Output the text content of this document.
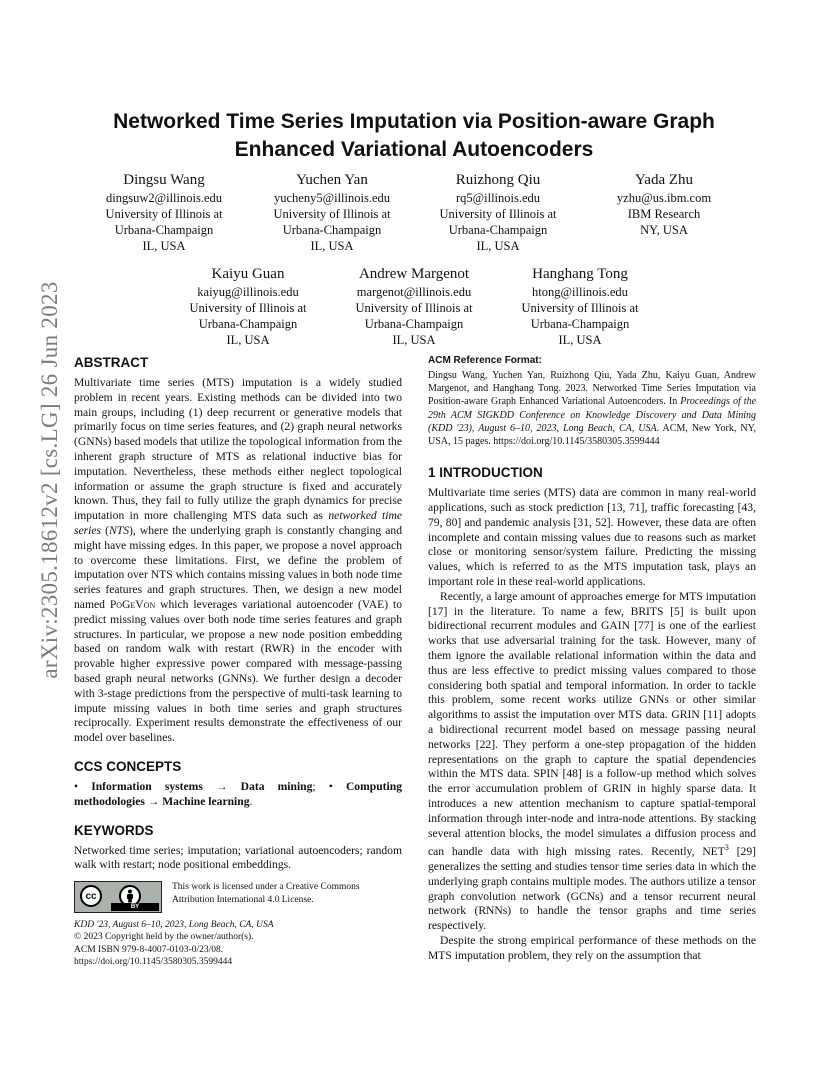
arXiv:2305.18612v2 [cs.LG] 26 Jun 2023
Networked Time Series Imputation via Position-aware Graph Enhanced Variational Autoencoders
Dingsu Wang
dingsuw2@illinois.edu
University of Illinois at
Urbana-Champaign
IL, USA
Yuchen Yan
yucheny5@illinois.edu
University of Illinois at
Urbana-Champaign
IL, USA
Ruizhong Qiu
rq5@illinois.edu
University of Illinois at
Urbana-Champaign
IL, USA
Yada Zhu
yzhu@us.ibm.com
IBM Research
NY, USA
Kaiyu Guan
kaiyug@illinois.edu
University of Illinois at
Urbana-Champaign
IL, USA
Andrew Margenot
margenot@illinois.edu
University of Illinois at
Urbana-Champaign
IL, USA
Hanghang Tong
htong@illinois.edu
University of Illinois at
Urbana-Champaign
IL, USA
ABSTRACT

Multivariate time series (MTS) imputation is a widely studied problem in recent years. Existing methods can be divided into two main groups, including (1) deep recurrent or generative models that primarily focus on time series features, and (2) graph neural networks (GNNs) based models that utilize the topological information from the inherent graph structure of MTS as relational inductive bias for imputation. Nevertheless, these methods either neglect topological information or assume the graph structure is fixed and accurately known. Thus, they fail to fully utilize the graph dynamics for precise imputation in more challenging MTS data such as networked time series (NTS), where the underlying graph is constantly changing and might have missing edges. In this paper, we propose a novel approach to overcome these limitations. First, we define the problem of imputation over NTS which contains missing values in both node time series features and graph structures. Then, we design a new model named PoGeVon which leverages variational autoencoder (VAE) to predict missing values over both node time series features and graph structures. In particular, we propose a new node position embedding based on random walk with restart (RWR) in the encoder with provable higher expressive power compared with message-passing based graph neural networks (GNNs). We further design a decoder with 3-stage predictions from the perspective of multi-task learning to impute missing values in both time series and graph structures reciprocally. Experiment results demonstrate the effectiveness of our model over baselines.

CCS CONCEPTS

• Information systems → Data mining; • Computing methodologies → Machine learning.

KEYWORDS

Networked time series; imputation; variational autoencoders; random walk with restart; node positional embeddings.

cc
BY
This work is licensed under a Creative Commons Attribution International 4.0 License.

KDD '23, August 6–10, 2023, Long Beach, CA, USA

© 2023 Copyright held by the owner/author(s).

ACM ISBN 979-8-4007-0103-0/23/08.

https://doi.org/10.1145/3580305.3599444

ACM Reference Format:

Dingsu Wang, Yuchen Yan, Ruizhong Qiu, Yada Zhu, Kaiyu Guan, Andrew Margenot, and Hanghang Tong. 2023. Networked Time Series Imputation via Position-aware Graph Enhanced Variational Autoencoders. In Proceedings of the 29th ACM SIGKDD Conference on Knowledge Discovery and Data Mining (KDD '23), August 6–10, 2023, Long Beach, CA, USA. ACM, New York, NY, USA, 15 pages. https://doi.org/10.1145/3580305.3599444

1 INTRODUCTION

Multivariate time series (MTS) data are common in many real-world applications, such as stock prediction [13, 71], traffic forecasting [43, 79, 80] and pandemic analysis [31, 52]. However, these data are often incomplete and contain missing values due to reasons such as market close or monitoring sensor/system failure. Predicting the missing values, which is referred to as the MTS imputation task, plays an important role in these real-world applications.

Recently, a large amount of approaches emerge for MTS imputation [17] in the literature. To name a few, BRITS [5] is built upon bidirectional recurrent modules and GAIN [77] is one of the earliest works that use adversarial training for the task. However, many of them ignore the available relational information within the data and thus are less effective to predict missing values compared to those considering both spatial and temporal information. In order to tackle this problem, some recent works utilize GNNs or other similar algorithms to assist the imputation over MTS data. GRIN [11] adopts a bidirectional recurrent model based on message passing neural networks [22]. They perform a one-step propagation of the hidden representations on the graph to capture the spatial dependencies within the MTS data. SPIN [48] is a follow-up method which solves the error accumulation problem of GRIN in highly sparse data. It introduces a new attention mechanism to capture spatial-temporal information through inter-node and intra-node attentions. By stacking several attention blocks, the model simulates a diffusion process and can handle data with high missing rates. Recently, NET$^3$ [29] generalizes the setting and studies tensor time series data in which the underlying graph contains multiple modes. The authors utilize a tensor graph convolution network (GCNs) and a tensor recurrent neural network (RNNs) to handle the tensor graphs and time series respectively.

Despite the strong empirical performance of these methods on the MTS imputation problem, they rely on the assumption that
